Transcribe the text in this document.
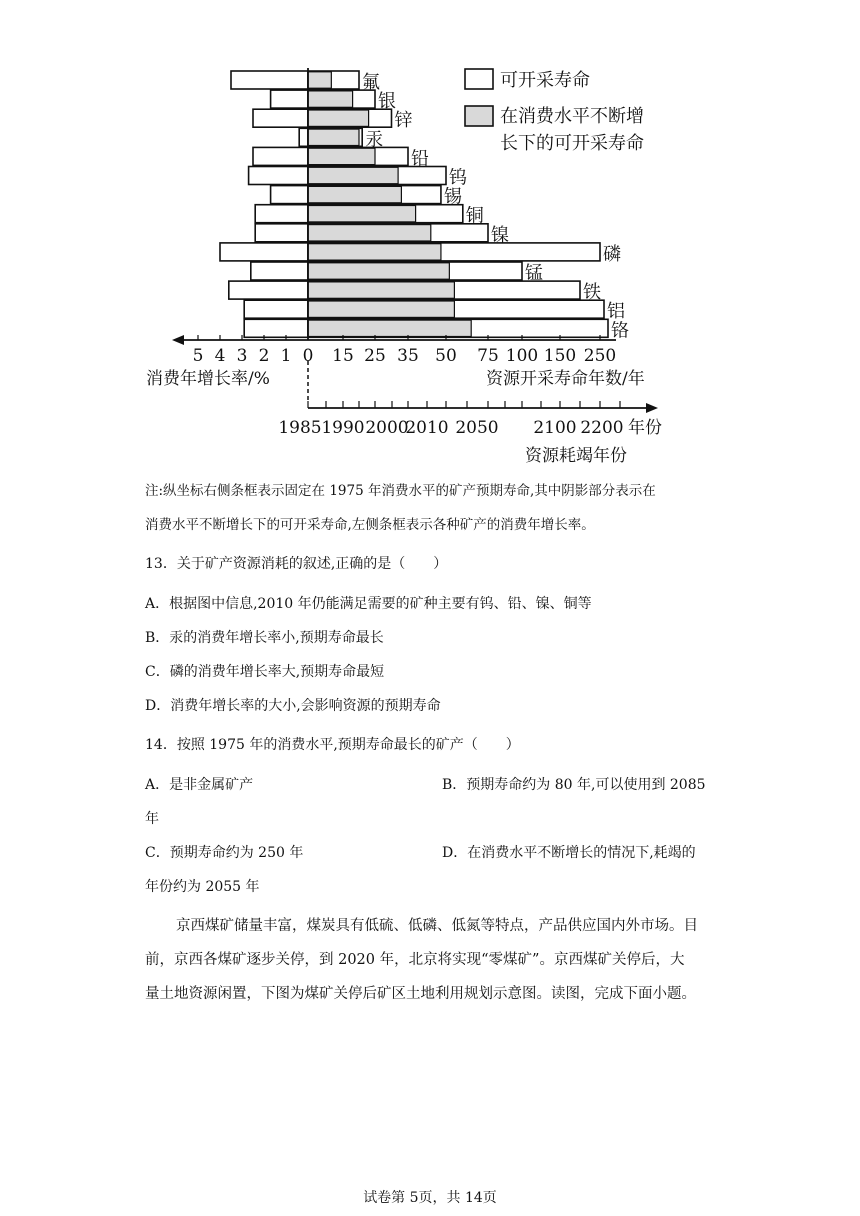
氟
银
锌
汞
铅
钨
锡
铜
镍
磷
锰
铁
铝
铬
5 4 3 2 1 0 15 25 35 50 75 100 150 250
消费年增长率/%	资源开采寿命年数/年
1985 1990 2000
2010 2050 2100 2200 年份
资源耗竭年份
可开采寿命
在消费水平不断增
长下的可开采寿命
注:纵坐标右侧条框表示固定在 1975 年消费水平的矿产预期寿命,其中阴影部分表示在
消费水平不断增长下的可开采寿命,左侧条框表示各种矿产的消费年增长率。
13．关于矿产资源消耗的叙述,正确的是（　　）
A．根据图中信息,2010 年仍能满足需要的矿种主要有钨、铅、镍、铜等
B．汞的消费年增长率小,预期寿命最长
C．磷的消费年增长率大,预期寿命最短
D．消费年增长率的大小,会影响资源的预期寿命
14．按照 1975 年的消费水平,预期寿命最长的矿产（　　）
A．是非金属矿产	B．预期寿命约为 80 年,可以使用到 2085
年
C．预期寿命约为 250 年	D．在消费水平不断增长的情况下,耗竭的
年份约为 2055 年
京西煤矿储量丰富，煤炭具有低硫、低磷、低氮等特点，产品供应国内外市场。目
前，京西各煤矿逐步关停，到 2020 年，北京将实现“零煤矿”。京西煤矿关停后，大
量土地资源闲置，下图为煤矿关停后矿区土地利用规划示意图。读图，完成下面小题。
试卷第 5页，共 14页
